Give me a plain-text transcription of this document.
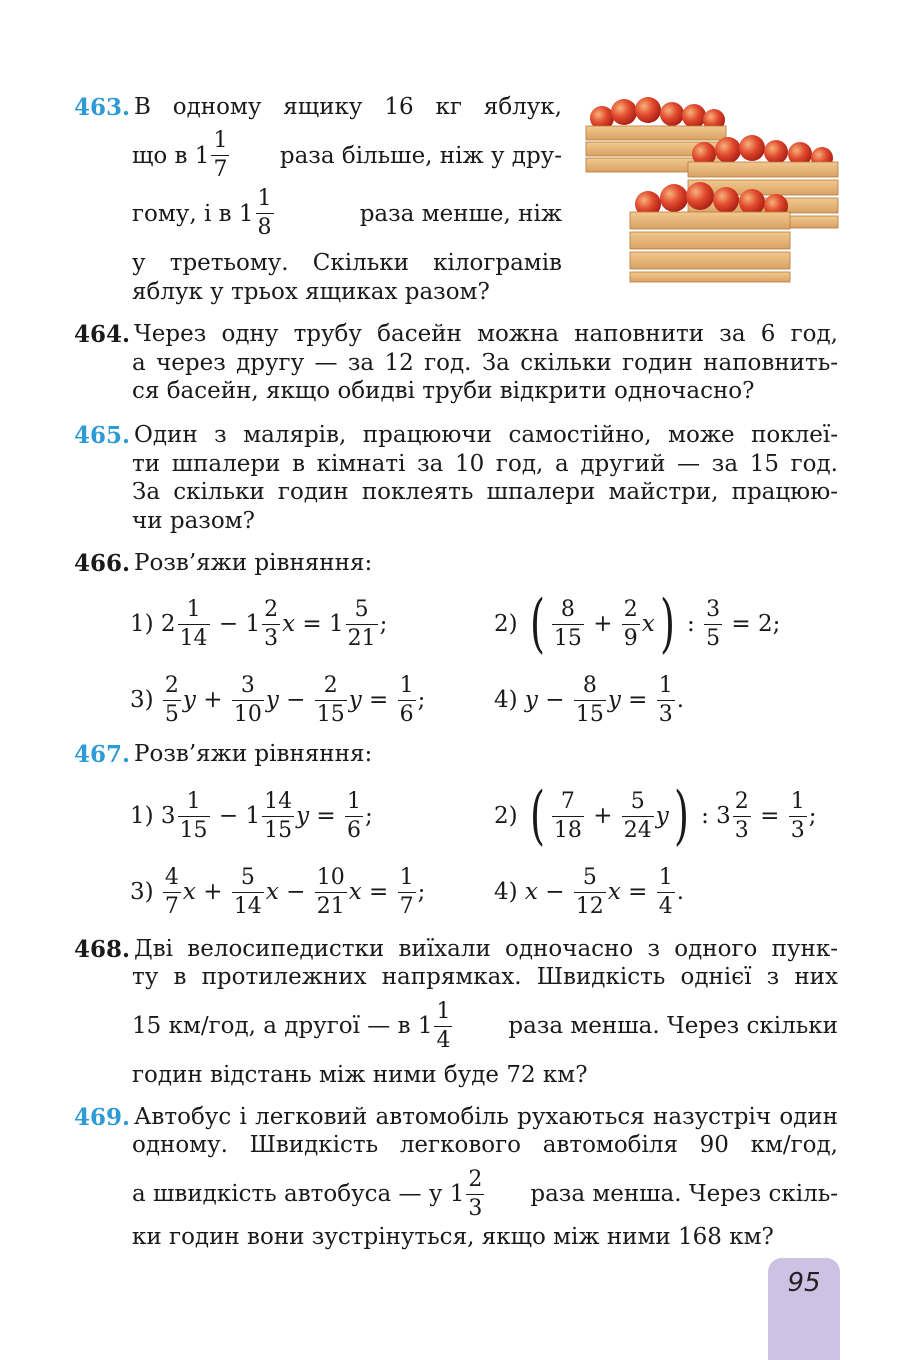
463. В одному ящику 16 кг яблук,
що в $1 \frac{1}{7}$ раза більше, ніж у дру-
гому, і в $1 \frac{1}{8}$	раза менше, ніж
у третьому. Скільки кілограмів
яблук у трьох ящиках разом?
464. Через одну трубу басейн можна наповнити за 6 год,
а через другу — за 12 год. За скільки годин наповнить-
ся басейн, якщо обидві труби відкрити одночасно?
465. Один з малярів, працюючи самостійно, може поклеї-
ти шпалери в кімнаті за 10 год, а другий — за 15 год.
За скільки годин поклеять шпалери майстри, працюю-
чи разом?
466. Розв’яжи рівняння:
1) $2 \frac{1}{14} - 1 \frac{2}{3}$ $x = 1 \frac{5}{21}$ ;	2) ( $\frac{8}{15} + \frac{2}{9}$ x ) : $\frac{3}{5} = 2$;
$3) \frac{2}{5}$ $y + \frac{3}{10}$ $y - \frac{2}{15}$ $y = \frac{1}{6}$ ;	4) $y - \frac{8}{15}$ $y = \frac{1}{3}$ .
467. Розв’яжи рівняння:
1) $3 \frac{1}{15} - 1 \frac{14}{15}$ $y = \frac{1}{6}$ ;	2) ( $\frac{7}{18} + \frac{5}{24}$ y ) : $3 \frac{2}{3} = \frac{1}{3}$ ;
$3) \frac{4}{7}$ $x + \frac{5}{14}$ $x - \frac{10}{21}$ $x = \frac{1}{7}$ ;	4) $x - \frac{5}{12}$ $x = \frac{1}{4}$ .
468. Дві велосипедистки виїхали одночасно з одного пунк-
ту в протилежних напрямках. Швидкість однієї з них
15 км/год, а другої — в $1 \frac{1}{4}$ раза менша. Через скільки
годин відстань між ними буде 72 км?
469. Автобус і легковий автомобіль рухаються назустріч один
одному. Швидкість легкового автомобіля 90 км/год,
а швидкість автобуса — у $1 \frac{2}{3}$ раза менша. Через скіль-
ки годин вони зустрінуться, якщо між ними 168 км?
95
